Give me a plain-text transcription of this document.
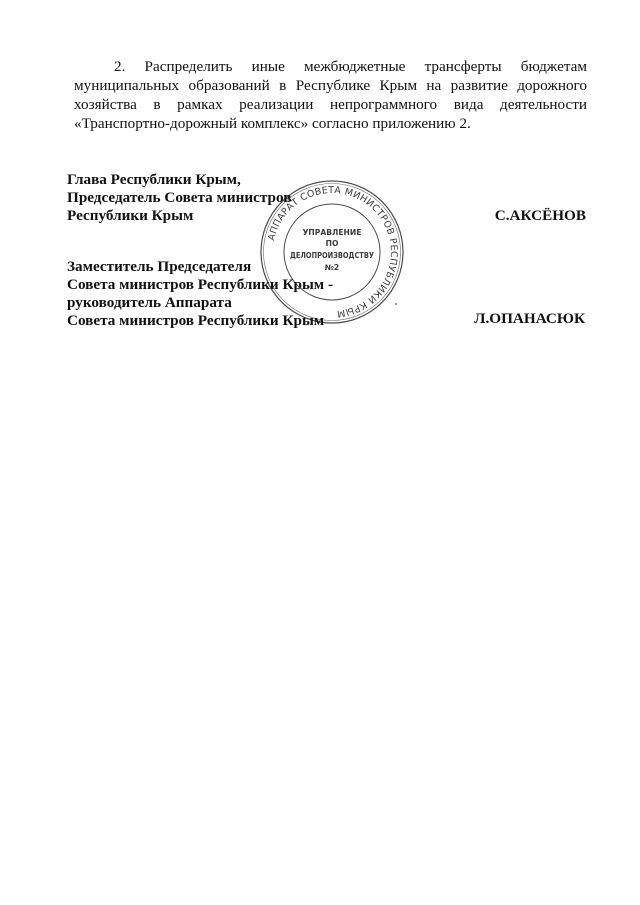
2. Распределить иные межбюджетные трансферты бюджетам муниципальных образований в Республике Крым на развитие дорожного хозяйства в рамках реализации непрограммного вида деятельности «Транспортно-дорожный комплекс» согласно приложению 2.

АППАРАТ СОВЕТА МИНИСТРОВ РЕСПУБЛИКИ КРЫМ
УПРАВЛЕНИЕ
ПО
ДЕЛОПРОИЗВОДСТВУ
№2
Глава Республики Крым,
Председатель Совета министров
Республики Крым	С.АКСЁНОВ
Заместитель Председателя
Совета министров Республики Крым -
руководитель Аппарата
Совета министров Республики Крым	Л.ОПАНАСЮК
